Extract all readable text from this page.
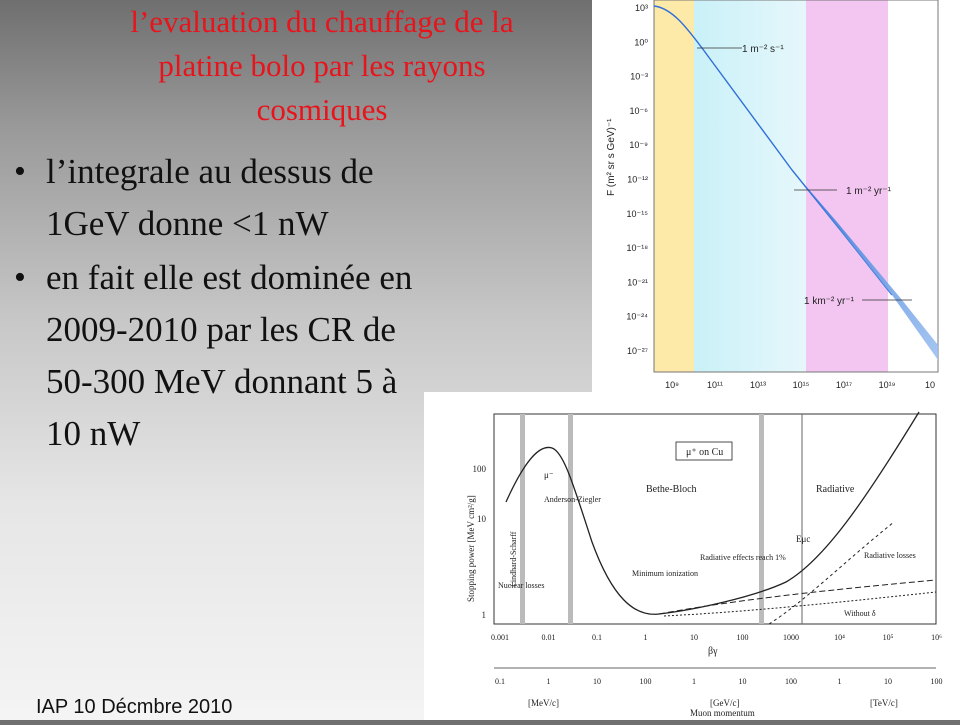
l’evaluation du chauffage de la
platine bolo par les rayons
cosmiques
• l’integrale au dessus de 1GeV donne <1 nW
• en fait elle est dominée en 2009-2010 par les CR de 50-300 MeV donnant 5 à 10 nW
IAP 10 Décmbre 2010
10³
10⁰
10⁻³
10⁻⁶
10⁻⁹
10⁻¹²
10⁻¹⁵
10⁻¹⁸
10⁻²¹
10⁻²⁴
10⁻²⁷
10⁹	10¹¹	10¹³	10¹⁵	10¹⁷	10¹⁹	10
1 m⁻² s⁻¹
1 m⁻² yr⁻¹
1 km⁻² yr⁻¹
F (m² sr s GeV)⁻¹
100
10
1
Stopping power [MeV cm²/g]
μ⁺ on Cu
Bethe-Bloch	Radiative
Lindhard-Scharff
Anderson-Ziegler
μ⁻
Nuclear losses
Minimum ionization
Radiative effects reach 1%
Eμc
Radiative losses
Without δ
0.001	0.01	0.1	1	10	100	1000	10⁴	10⁵	10⁶
βγ
0.1	1	10	100	1	10	100	1	10	100
[MeV/c]	[GeV/c]	[TeV/c]
Muon momentum
